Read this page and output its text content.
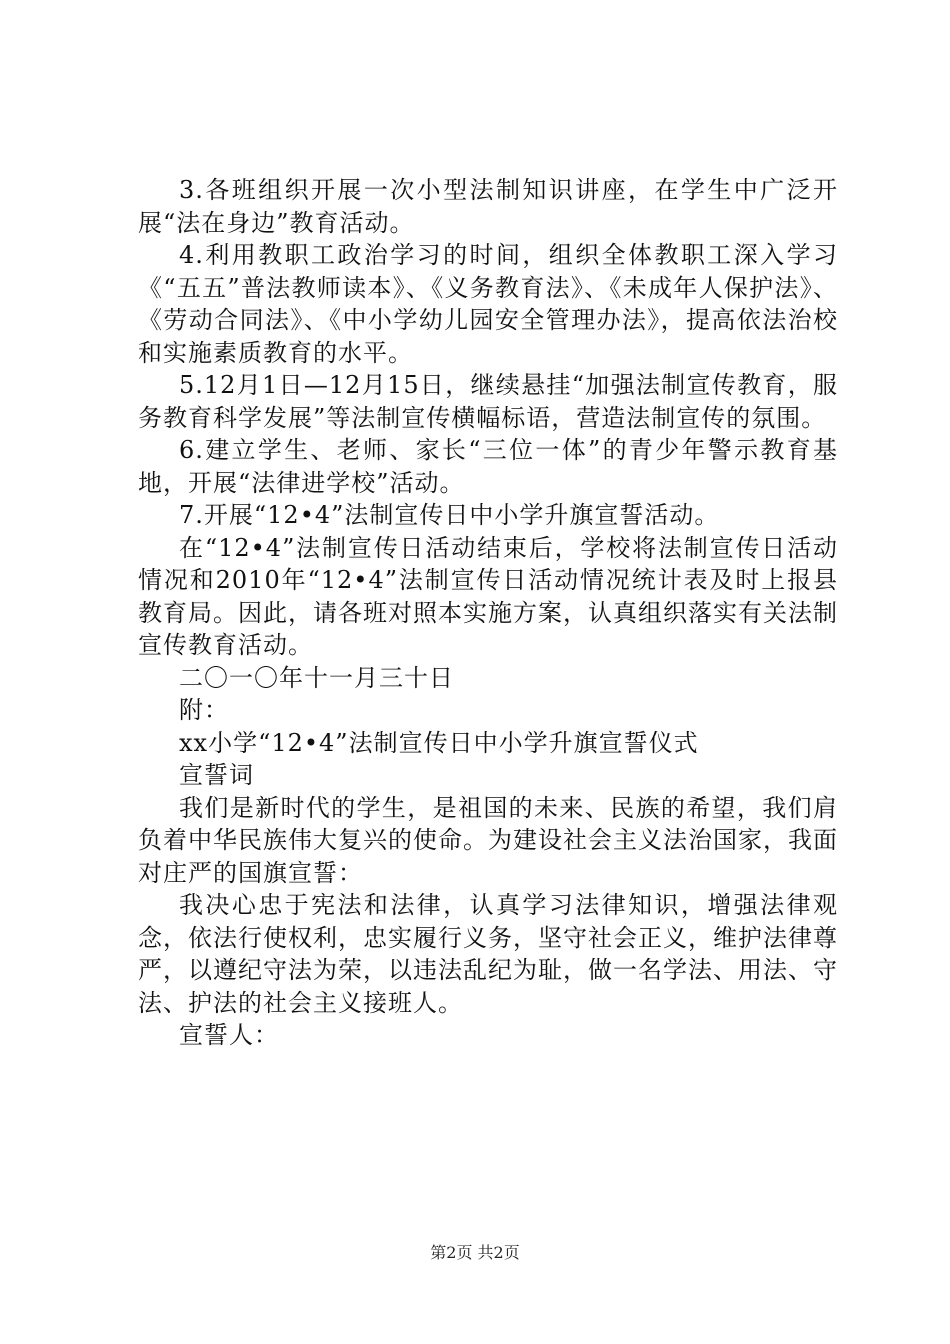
3.各班组织开展一次小型法制知识讲座，在学生中广泛开展“法在身边”教育活动。

4.利用教职工政治学习的时间，组织全体教职工深入学习《“五五”普法教师读本》、《义务教育法》、《未成年人保护法》、《劳动合同法》、《中小学幼儿园安全管理办法》，提高依法治校和实施素质教育的水平。

5.12月1日—12月15日，继续悬挂“加强法制宣传教育，服务教育科学发展”等法制宣传横幅标语，营造法制宣传的氛围。

6.建立学生、老师、家长“三位一体”的青少年警示教育基地，开展“法律进学校”活动。

7.开展“12•4”法制宣传日中小学升旗宣誓活动。

在“12•4”法制宣传日活动结束后，学校将法制宣传日活动情况和2010年“12•4”法制宣传日活动情况统计表及时上报县教育局。因此，请各班对照本实施方案，认真组织落实有关法制宣传教育活动。

二〇一〇年十一月三十日

附：

xx小学“12•4”法制宣传日中小学升旗宣誓仪式

宣誓词

我们是新时代的学生，是祖国的未来、民族的希望，我们肩负着中华民族伟大复兴的使命。为建设社会主义法治国家，我面对庄严的国旗宣誓：

我决心忠于宪法和法律，认真学习法律知识，增强法律观念，依法行使权利，忠实履行义务，坚守社会正义，维护法律尊严，以遵纪守法为荣，以违法乱纪为耻，做一名学法、用法、守法、护法的社会主义接班人。

宣誓人：

第2页 共2页
